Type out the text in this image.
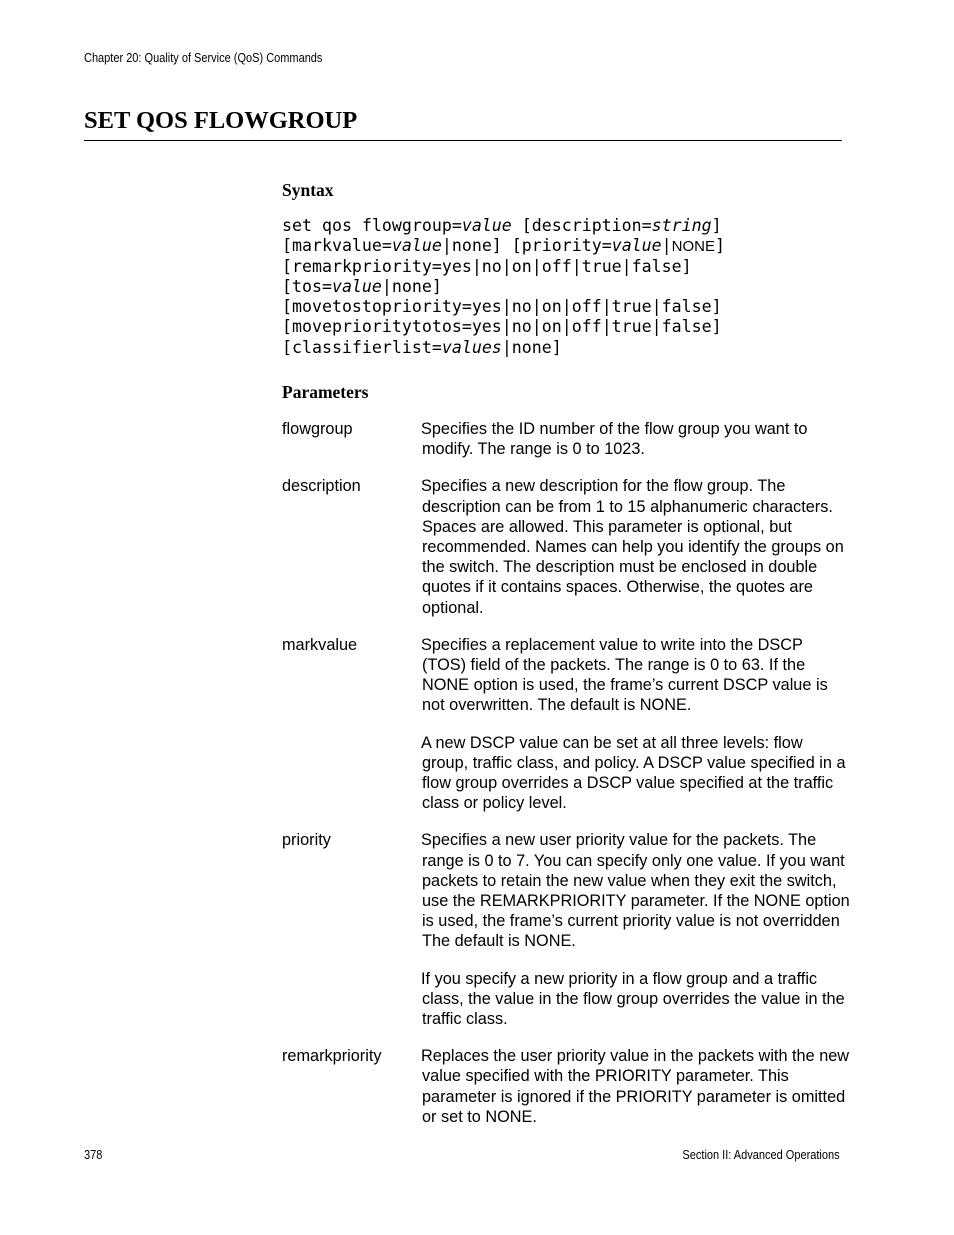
Chapter 20: Quality of Service (QoS) Commands
SET QOS FLOWGROUP
Syntax
set qos flowgroup=value [description=string]
[markvalue=value|none] [priority=value|NONE]
[remarkpriority=yes|no|on|off|true|false]
[tos=value|none]
[movetostopriority=yes|no|on|off|true|false]
[moveprioritytotos=yes|no|on|off|true|false]
[classifierlist=values|none]
Parameters
flowgroup	Specifies the ID number of the flow group you want to modify. The range is 0 to 1023.

description	Specifies a new description for the flow group. The description can be from 1 to 15 alphanumeric characters. Spaces are allowed. This parameter is optional, but recommended. Names can help you identify the groups on the switch. The description must be enclosed in double quotes if it contains spaces. Otherwise, the quotes are optional.

markvalue	Specifies a replacement value to write into the DSCP (TOS) field of the packets. The range is 0 to 63. If the NONE option is used, the frame’s current DSCP value is not overwritten. The default is NONE.

A new DSCP value can be set at all three levels: flow group, traffic class, and policy. A DSCP value specified in a flow group overrides a DSCP value specified at the traffic class or policy level.

priority	Specifies a new user priority value for the packets. The range is 0 to 7. You can specify only one value. If you want packets to retain the new value when they exit the switch, use the REMARKPRIORITY parameter. If the NONE option is used, the frame’s current priority value is not overridden The default is NONE.

If you specify a new priority in a flow group and a traffic class, the value in the flow group overrides the value in the traffic class.

remarkpriority Replaces the user priority value in the packets with the new value specified with the PRIORITY parameter. This parameter is ignored if the PRIORITY parameter is omitted or set to NONE.

378	Section II: Advanced Operations
